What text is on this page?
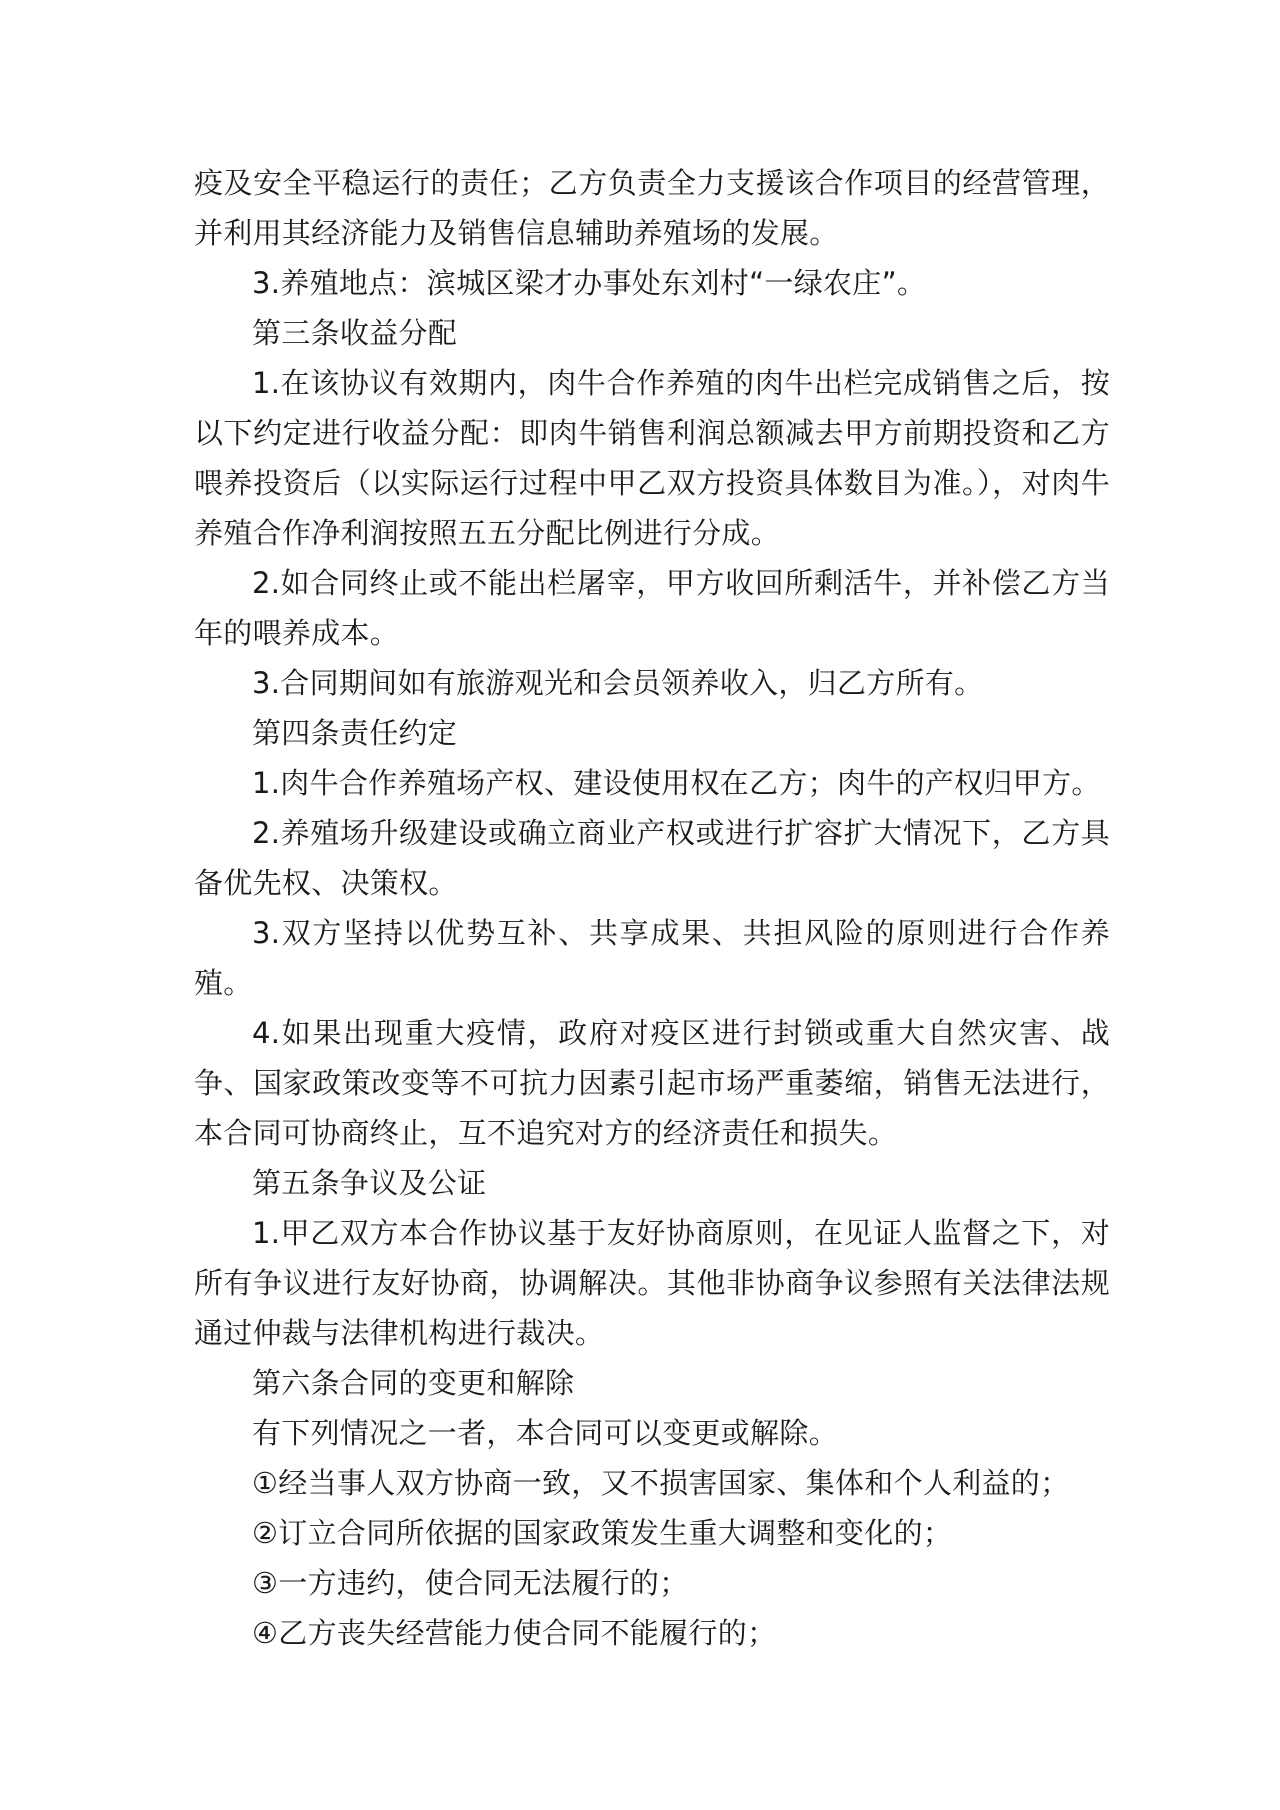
疫及安全平稳运行的责任；乙方负责全力支援该合作项目的经营管理，并利用其经济能力及销售信息辅助养殖场的发展。

3.养殖地点：滨城区梁才办事处东刘村“一绿农庄”。

第三条收益分配

1.在该协议有效期内，肉牛合作养殖的肉牛出栏完成销售之后，按以下约定进行收益分配：即肉牛销售利润总额减去甲方前期投资和乙方喂养投资后（以实际运行过程中甲乙双方投资具体数目为准。），对肉牛养殖合作净利润按照五五分配比例进行分成。

2.如合同终止或不能出栏屠宰，甲方收回所剩活牛，并补偿乙方当年的喂养成本。

3.合同期间如有旅游观光和会员领养收入，归乙方所有。

第四条责任约定

1.肉牛合作养殖场产权、建设使用权在乙方；肉牛的产权归甲方。

2.养殖场升级建设或确立商业产权或进行扩容扩大情况下，乙方具备优先权、决策权。

3.双方坚持以优势互补、共享成果、共担风险的原则进行合作养殖。

4.如果出现重大疫情，政府对疫区进行封锁或重大自然灾害、战争、国家政策改变等不可抗力因素引起市场严重萎缩，销售无法进行，本合同可协商终止，互不追究对方的经济责任和损失。

第五条争议及公证

1.甲乙双方本合作协议基于友好协商原则，在见证人监督之下，对所有争议进行友好协商，协调解决。其他非协商争议参照有关法律法规通过仲裁与法律机构进行裁决。

第六条合同的变更和解除

有下列情况之一者，本合同可以变更或解除。

①经当事人双方协商一致，又不损害国家、集体和个人利益的；

②订立合同所依据的国家政策发生重大调整和变化的；

③一方违约，使合同无法履行的；

④乙方丧失经营能力使合同不能履行的；
